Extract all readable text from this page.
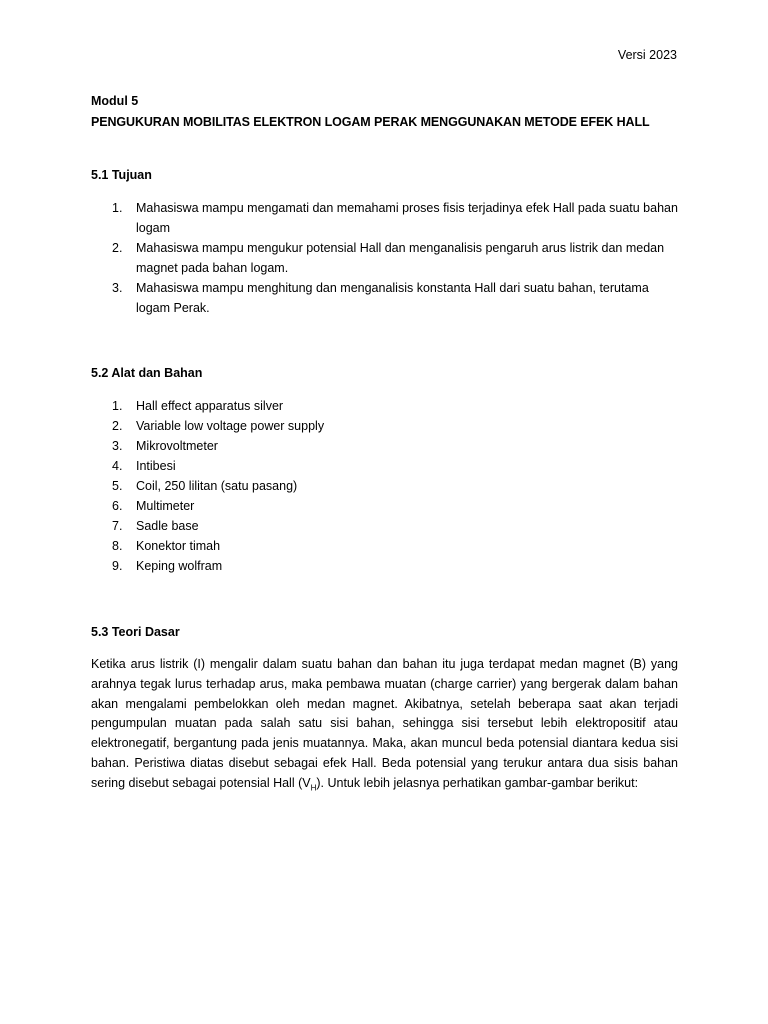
Versi 2023
Modul 5
PENGUKURAN MOBILITAS ELEKTRON LOGAM PERAK MENGGUNAKAN METODE EFEK HALL
5.1 Tujuan
1. Mahasiswa mampu mengamati dan memahami proses fisis terjadinya efek Hall pada suatu bahan logam
2. Mahasiswa mampu mengukur potensial Hall dan menganalisis pengaruh arus listrik dan medan magnet pada bahan logam.
3. Mahasiswa mampu menghitung dan menganalisis konstanta Hall dari suatu bahan, terutama logam Perak.
5.2 Alat dan Bahan
1. Hall effect apparatus silver
2. Variable low voltage power supply
3. Mikrovoltmeter
4. Intibesi
5. Coil, 250 lilitan (satu pasang)
6. Multimeter
7. Sadle base
8. Konektor timah
9. Keping wolfram
5.3 Teori Dasar

Ketika arus listrik (I) mengalir dalam suatu bahan dan bahan itu juga terdapat medan magnet (B) yang arahnya tegak lurus terhadap arus, maka pembawa muatan (charge carrier) yang bergerak dalam bahan akan mengalami pembelokkan oleh medan magnet. Akibatnya, setelah beberapa saat akan terjadi pengumpulan muatan pada salah satu sisi bahan, sehingga sisi tersebut lebih elektropositif atau elektronegatif, bergantung pada jenis muatannya. Maka, akan muncul beda potensial diantara kedua sisi bahan. Peristiwa diatas disebut sebagai efek Hall. Beda potensial yang terukur antara dua sisis bahan sering disebut sebagai potensial Hall $(V_H)$. Untuk lebih jelasnya perhatikan gambar-gambar berikut:
